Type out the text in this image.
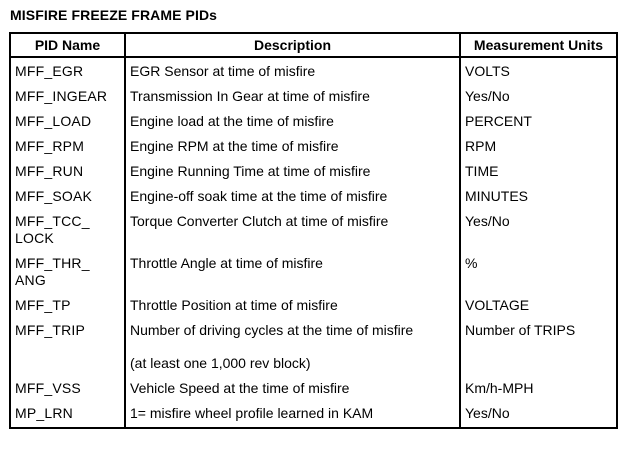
MISFIRE FREEZE FRAME PIDs
PID Name	Description	Measurement Units
MFF_EGR	EGR Sensor at time of misfire	VOLTS
MFF_INGEAR	Transmission In Gear at time of misfire	Yes/No
MFF_LOAD	Engine load at the time of misfire	PERCENT
MFF_RPM	Engine RPM at the time of misfire	RPM
MFF_RUN	Engine Running Time at time of misfire	TIME
MFF_SOAK	Engine-off soak time at the time of misfire	MINUTES
MFF_TCC_ LOCK	Torque Converter Clutch at time of misfire	Yes/No
MFF_THR_ ANG	Throttle Angle at time of misfire	%
MFF_TP	Throttle Position at time of misfire	VOLTAGE
MFF_TRIP	Number of driving cycles at the time of misfire	Number of TRIPS
	(at least one 1,000 rev block)	
MFF_VSS	Vehicle Speed at the time of misfire	Km/h-MPH
MP_LRN	1= misfire wheel profile learned in KAM	Yes/No
